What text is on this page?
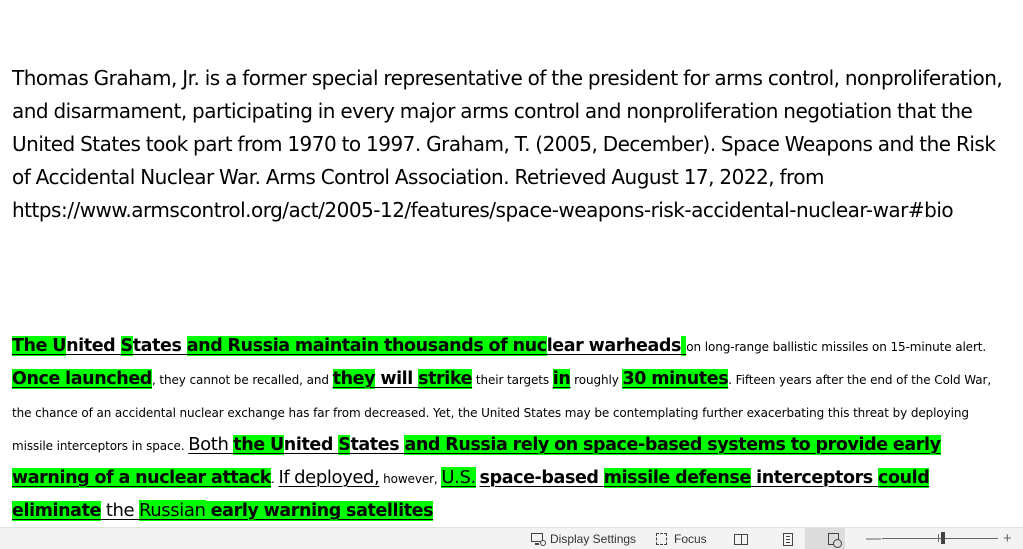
Thomas Graham, Jr. is a former special representative of the president for arms control, nonproliferation, and disarmament, participating in every major arms control and nonproliferation negotiation that the United States took part from 1970 to 1997. Graham, T. (2005, December). Space Weapons and the Risk of Accidental Nuclear War. Arms Control Association. Retrieved August 17, 2022, from https://www.armscontrol.org/act/2005-12/features/space-weapons-risk-accidental-nuclear-war#bio

The United States and Russia maintain thousands of nuclear warheads on long-range ballistic missiles on 15-minute alert. Once launched, they cannot be recalled, and they will strike their targets in roughly 30 minutes. Fifteen years after the end of the Cold War, the chance of an accidental nuclear exchange has far from decreased. Yet, the United States may be contemplating further exacerbating this threat by deploying missile interceptors in space. Both the United States and Russia rely on space-based systems to provide early warning of a nuclear attack. If deployed, however, U.S. space-based missile defense interceptors could eliminate the Russian early warning satellites

Display Settings	Focus	—	+
